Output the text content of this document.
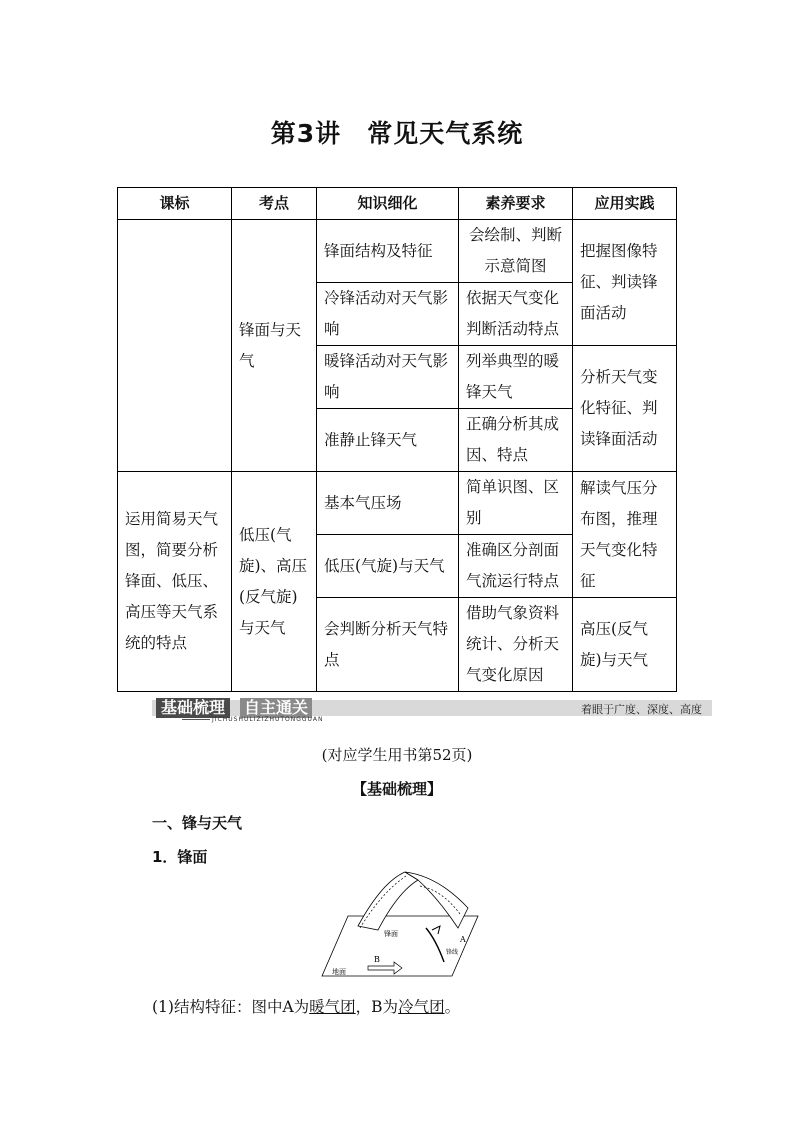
第3讲 常见天气系统
课标	考点	知识细化	素养要求	应用实践
	锋面与天气	锋面结构及特征	会绘制、判断示意简图	把握图像特征、判读锋面活动
		冷锋活动对天气影响	依据天气变化判断活动特点	
		暖锋活动对天气影响	列举典型的暖锋天气	分析天气变化特征、判读锋面活动
		准静止锋天气	正确分析其成因、特点	
运用简易天气图，简要分析锋面、低压、高压等天气系统的特点	低压(气旋)、高压(反气旋)与天气	基本气压场	简单识图、区别	解读气压分布图，推理天气变化特征
		低压(气旋)与天气	准确区分剖面气流运行特点	
		会判断分析天气特点	借助气象资料统计、分析天气变化原因	高压(反气旋)与天气
基础梳理	自主通关
JICHUSHULIZIZHUTONGGUAN
着眼于广度、深度、高度
(对应学生用书第52页)
【基础梳理】
一、锋与天气
1．锋面
锋面
地面
A
B
锋线
(1)结构特征：图中A为暖气团，B为冷气团。
